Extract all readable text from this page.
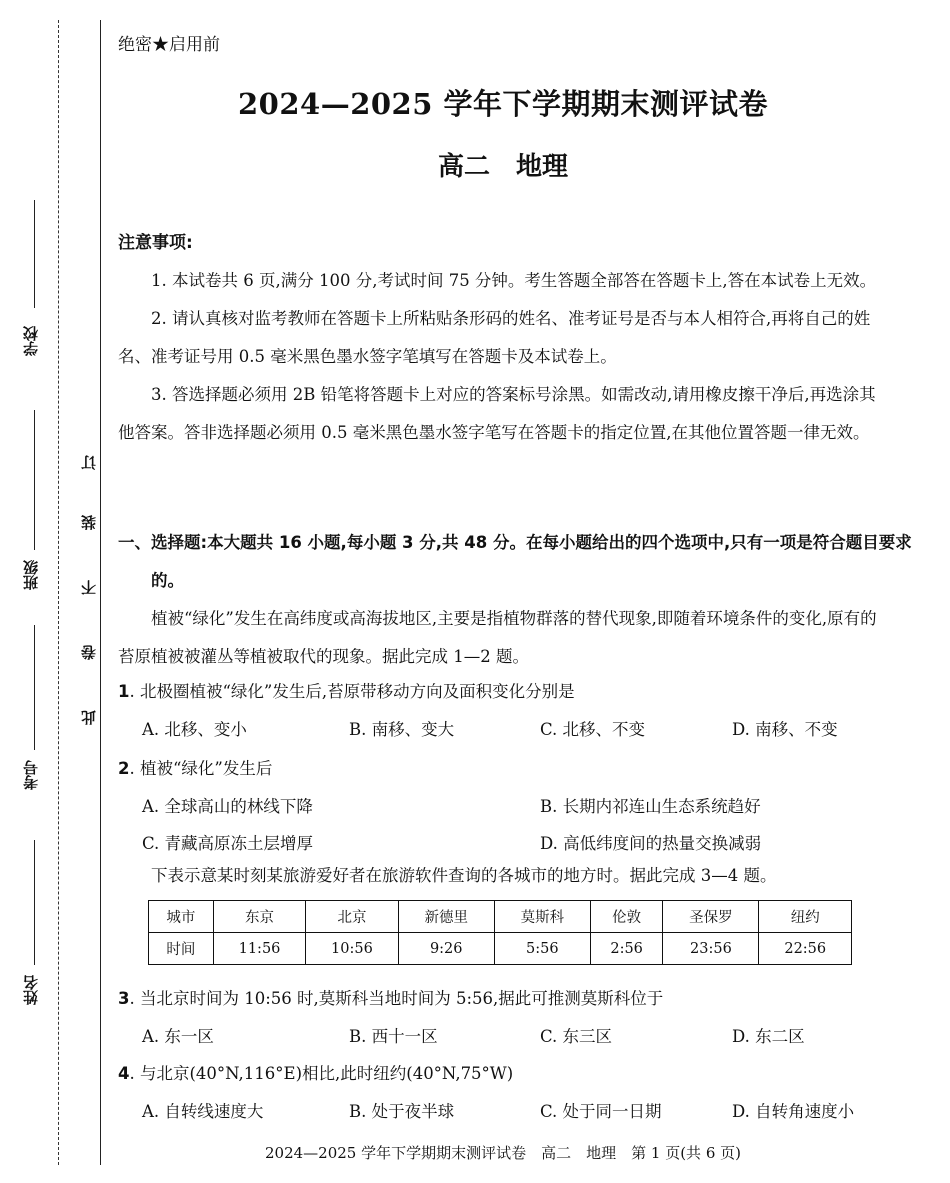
学校
班级
考号
姓名
订
装
不
卷
此
绝密★启用前
2024—2025 学年下学期期末测评试卷
高二　地理
注意事项:
1. 本试卷共 6 页,满分 100 分,考试时间 75 分钟。考生答题全部答在答题卡上,答在本试卷上无效。
2. 请认真核对监考教师在答题卡上所粘贴条形码的姓名、准考证号是否与本人相符合,再将自己的姓名、准考证号用 0.5 毫米黑色墨水签字笔填写在答题卡及本试卷上。
3. 答选择题必须用 2B 铅笔将答题卡上对应的答案标号涂黑。如需改动,请用橡皮擦干净后,再选涂其他答案。答非选择题必须用 0.5 毫米黑色墨水签字笔写在答题卡的指定位置,在其他位置答题一律无效。
一、选择题:本大题共 16 小题,每小题 3 分,共 48 分。在每小题给出的四个选项中,只有一项是符合题目要求的。
植被“绿化”发生在高纬度或高海拔地区,主要是指植物群落的替代现象,即随着环境条件的变化,原有的苔原植被被灌丛等植被取代的现象。据此完成 1—2 题。
1. 北极圈植被“绿化”发生后,苔原带移动方向及面积变化分别是
A. 北移、变小	B. 南移、变大	C. 北移、不变	D. 南移、不变
2. 植被“绿化”发生后
A. 全球高山的林线下降	B. 长期内祁连山生态系统趋好
C. 青藏高原冻土层增厚	D. 高低纬度间的热量交换减弱
下表示意某时刻某旅游爱好者在旅游软件查询的各城市的地方时。据此完成 3—4 题。
城市	东京	北京	新德里	莫斯科	伦敦	圣保罗	纽约
时间	11:56	10:56	9:26	5:56	2:56	23:56	22:56
3. 当北京时间为 10:56 时,莫斯科当地时间为 5:56,据此可推测莫斯科位于
A. 东一区	B. 西十一区	C. 东三区	D. 东二区
4. 与北京(40°N,116°E)相比,此时纽约(40°N,75°W)
A. 自转线速度大	B. 处于夜半球	C. 处于同一日期	D. 自转角速度小
2024—2025 学年下学期期末测评试卷　高二　地理　第 1 页(共 6 页)
